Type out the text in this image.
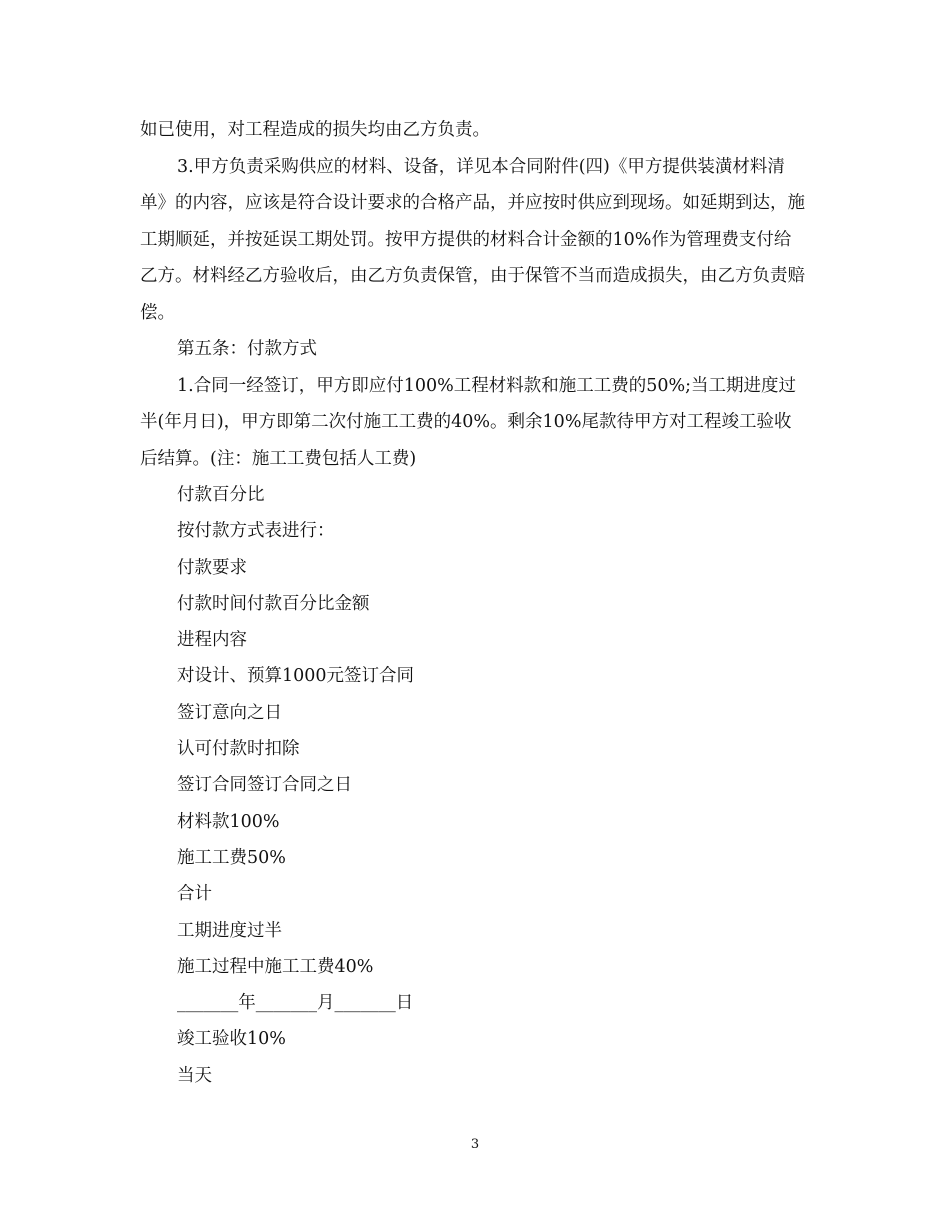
如已使用，对工程造成的损失均由乙方负责。

3.甲方负责采购供应的材料、设备，详见本合同附件(四)《甲方提供装潢材料清单》的内容，应该是符合设计要求的合格产品，并应按时供应到现场。如延期到达，施工期顺延，并按延误工期处罚。按甲方提供的材料合计金额的10%作为管理费支付给乙方。材料经乙方验收后，由乙方负责保管，由于保管不当而造成损失，由乙方负责赔偿。

第五条：付款方式

1.合同一经签订，甲方即应付100%工程材料款和施工工费的50%;当工期进度过半(年月日)，甲方即第二次付施工工费的40%。剩余10%尾款待甲方对工程竣工验收后结算。(注：施工工费包括人工费)

付款百分比

按付款方式表进行：

付款要求

付款时间付款百分比金额

进程内容

对设计、预算1000元签订合同

签订意向之日

认可付款时扣除

签订合同签订合同之日

材料款100%

施工工费50%

合计

工期进度过半

施工过程中施工工费40%

_______年_______月_______日

竣工验收10%

当天

3
